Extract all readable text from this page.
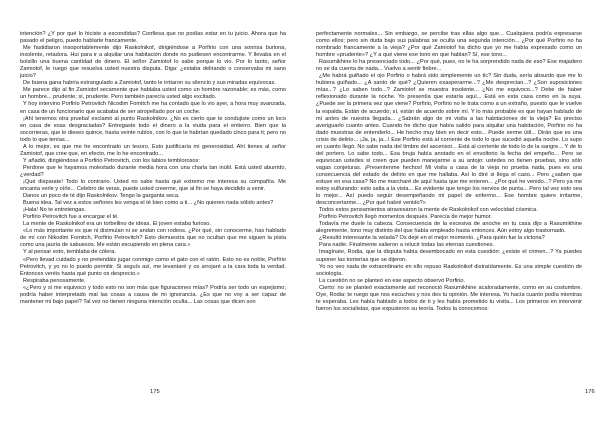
intención? ¿Y por qué lo hiciste a escondidas? Confiesa que no podías estar en tu juicio. Ahora que ha pasado el peligro, puedo hablarte francamente.

Me fastidiaron insoportablemente dijo Raskolnikof, dirigiéndose a Porfirio con una sonrisa burlona, insolente, retadora. Hui para ir a alquilar una habitación donde no pudiesen encontrarme. Y llevaba en el bolsillo una buena cantidad de dinero. El señor Zamiotof lo sabe porque lo vio. Por lo tanto, señor Zamiotof, le ruego que resuelva usted nuestra disputa. Diga: ¿estaba delirando o conservaba mi sano juicio?

De buena gana habría estrangulado a Zamiotof, tanto le irritaron su silencio y sus miradas equívocas.

Me parece dijo al fin Zamiotof secamente que hablaba usted como un hombre razonable; es más, como un hombre... prudente; sí, prudente. Pero también parecía usted algo excitado.

Y hoy intervino Porfirio Petrovitch Nicodim Fomitch me ha contado que lo vio ayer, a hora muy avanzada, en casa de un funcionario que acababa de ser atropellado por un coche.

¡Ahí tenemos otra prueba! exclamó al punto Raskolnikov. ¿No es cierto que te condujiste como un loco en casa de esas desgraciadas? Entregaste todo el dinero a la viuda para el entierro. Bien que la socorrieras, que le dieses quince, hasta veinte rublos, con lo que te habrían quedado cinco para ti; pero no todo lo que tenías...

A lo mejor, es que me he encontrado un tesoro. Esto justificaría mi generosidad. Ahí tienes al señor Zamiotof, que cree que, en efecto, me lo he encontrado...

Y añadió, dirigiéndose a Porfirio Petrovitch, con los labios temblorosos:

Perdone que le hayamos molestado durante media hora con una charla tan inútil. Está usted aburrido, ¿verdad?

¡Qué disparate! Todo lo contrario. Usted no sabe hasta qué extremo me interesa su compañía. Me encanta verle y oírle... Celebro de veras, puede usted creerme, que al fin se haya decidido a venir.

Danos un poco de té dijo Raskolnikov. Tengo la garganta seca.

Buena idea. Tal vez a estos señores les venga el té bien como a ti... ¿No quieren nada sólido antes?

¡Hala! No te entretengas.

Porfirio Petrovitch fue a encargar el té.

La mente de Raskolnikof era un torbellino de ideas. El joven estaba furioso.

«Lo más importante es que ni disimulan ni se andan con rodeos. ¿Por qué, sin conocerme, has hablado de mí con Nikodim Fomitch, Porfirio Petrovitch? Esto demuestra que no ocultan que me siguen la pista como una jauría de sabuesos. Me están escupiendo en plena cara.»

Y al pensar esto, temblaba de cólera.

«Pero llevad cuidado y no pretendáis jugar conmigo como el gato con el ratón. Esto no es noble, Porfirio Petrovitch, y yo no lo puedo permitir. Si seguís así, me levantaré y os arrojaré a la cara toda la verdad. Entonces veréis hasta qué punto os desprecio.»

Respiraba penosamente.

«¿Pero y si me equivoco y todo esto no son más que figuraciones mías? Podría ser todo un espejismo; podría haber interpretado mal las cosas a causa de mi ignorancia. ¿Es que no voy a ser capaz de mantener mi bajo papel? Tal vez no tienen ninguna intención oculta... Las cosas que dicen son

175

perfectamente normales... Sin embargo, se percibe tras ellas algo que... Cualquiera podría expresarse como ellos; pero sin duda bajo sus palabras se oculta una segunda intención... ¿Por qué Porfirio no ha nombrado francamente a la vieja? ¿Por qué Zamiotof ha dicho que yo me había expresado como un hombre «prudente»? ¿Y a qué viene ese tono en que hablan? Sí, ese tono...

Rasumikhine lo ha presenciado todo... ¿Por qué, pues, no le ha sorprendido nada de eso? Ese majadero no se da cuenta de nada... Vuelvo a sentir fiebre...

¿Me habrá guiñado el ojo Porfirio o habrá sido simplemente un tic? Sin duda, sería absurdo que me lo hubiera guiñado... ¿A santo de qué? ¿Quieren exasperarme...? ¿Me desprecian...? ¿Son suposiciones mías...? ¿Lo saben todo...? Zamiotof se muestra insolente... ¿No me equivoco...? Debe de haber reflexionado durante la noche. Yo presentía que estaría aquí... Está en esta casa como en la suya. ¿Puede ser la primera vez que viene? Porfirio, Porfirio no le trata como a un extraño, puesto que le vuelve la espalda. Están de acuerdo; sí, están de acuerdo sobre mí. Y lo más probable es que hayan hablado de mí antes de nuestra llegada... ¿Sabrán algo de mi visita a las habitaciones de la vieja? Es preciso averiguarlo cuanto antes. Cuando he dicho que había salido para alquilar una habitación, Porfirio no ha dado muestras de entenderlo... He hecho muy bien en decir esto... Puede serme útil... Dirán que es una crisis de delirio... ¡Ja, ja, ja...! Ese Porfirio está al corriente de todo lo que sucedió aquella noche. Lo supo en cuanto llegó. No sabe nada del timbre del ascensor... Está al corriente de todo lo de la sangre... Y de lo del portero. Lo sabe todo... Esa bruja había anotado en el envoltorio la fecha del empeño... Pero se equivocan ustedes si creen que pueden manejarme a su antojo: ustedes no tienen pruebas, sino sólo vagas conjeturas. ¡Presentenme hechos! Mi visita a casa de la vieja no prueba nada, pues es una consecuencia del estado de delirio en que me hallaba. Así lo diré si llega el caso... Pero ¿saben que estuve en esa casa? No me marcharé de aquí hasta que me enteren... ¿Por qué he venido...? Pero ya me estoy sulfurando: esto salta a la vista... Es evidente que tengo los nervios de punta... Pero tal vez esto sea lo mejor... Así puedo seguir desempeñando mi papel de enfermo... Ese hombre quiere irritarme, desconcertarme... ¿Por qué habré venido?»

Todos estos pensamientos atravesaron la mente de Raskolnikof con velocidad cósmica.

Porfirio Petrovitch llegó momentos después. Parecía de mejor humor.

Todavía me duele la cabeza. Consecuencia de la excesiva de anoche en tu casa dijo a Rasumikhine alegremente, tono muy distinto del que había empleado hasta entonces. Aún estoy algo trastornado.

¿Resultó interesante la velada? Os dejé en el mejor momento. ¿Para quién fue la victoria?

Para nadie. Finalmente salieron a relucir todas las eternas cuestiones.

Imagínate, Rodia, que la disputa había desembocado en esta cuestión: ¿existe el crimen...? Ya puedes suponer las tonterías que se dijeron.

Yo no veo nada de extraordinario en ello repuso Raskolnikof distraídamente. Es una simple cuestión de sociología.

La cuestión no se planteó en ese aspecto observó Porfirio.

Cierto: no se planteó exactamente así reconoció Rasumikhine acaloradamente, como en su costumbre. Oye, Rodia: te ruego que nos escuches y nos des tu opinión. Me interesa. Yo hacía cuanto podía mientras te esperaba. Les había hablado a todos de ti y les había prometido tu visita... Los primeros en intervenir fueron los socialistas, que expusieron su teoría. Todos la conocemos:

176
